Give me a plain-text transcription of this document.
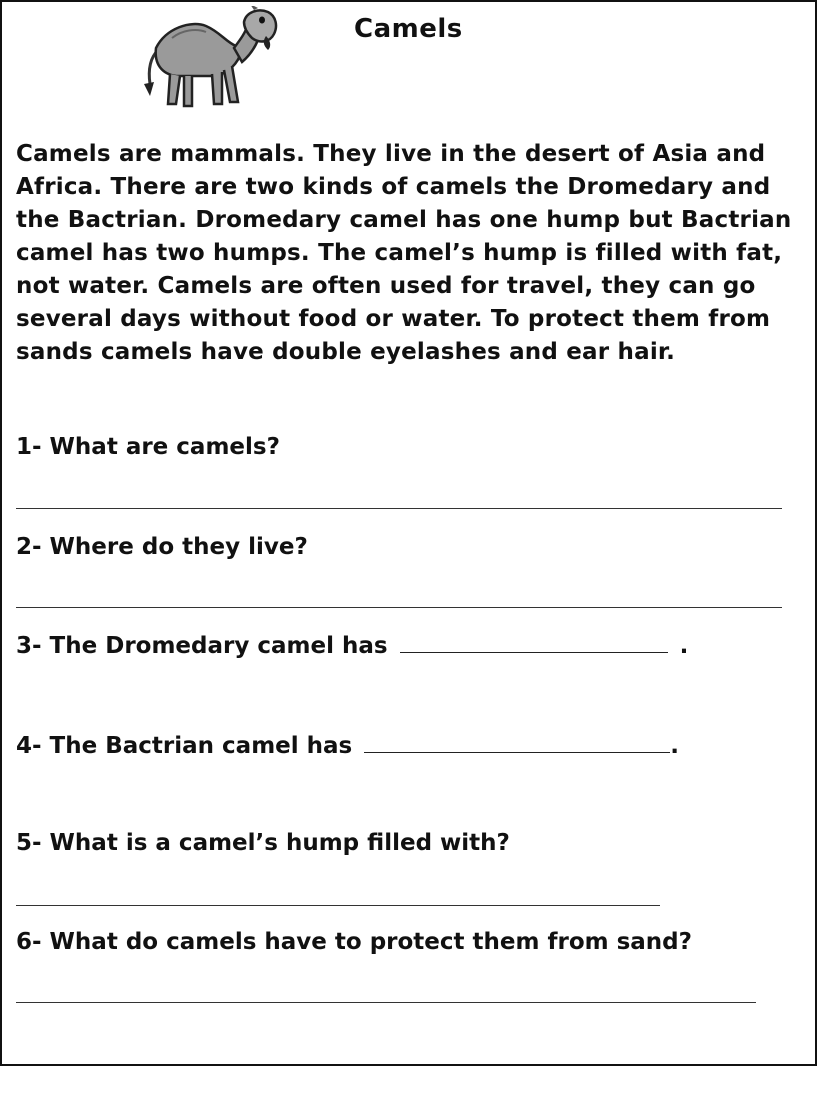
Camels
Camels are mammals. They live in the desert of Asia and
Africa. There are two kinds of camels the Dromedary and
the Bactrian. Dromedary camel has one hump but Bactrian
camel has two humps. The camel’s hump is filled with fat,
not water. Camels are often used for travel, they can go
several days without food or water. To protect them from
sands camels have double eyelashes and ear hair.
1- What are camels?
2- Where do they live?
3- The Dromedary camel has	.
4- The Bactrian camel has	.
5- What is a camel’s hump filled with?
6- What do camels have to protect them from sand?
